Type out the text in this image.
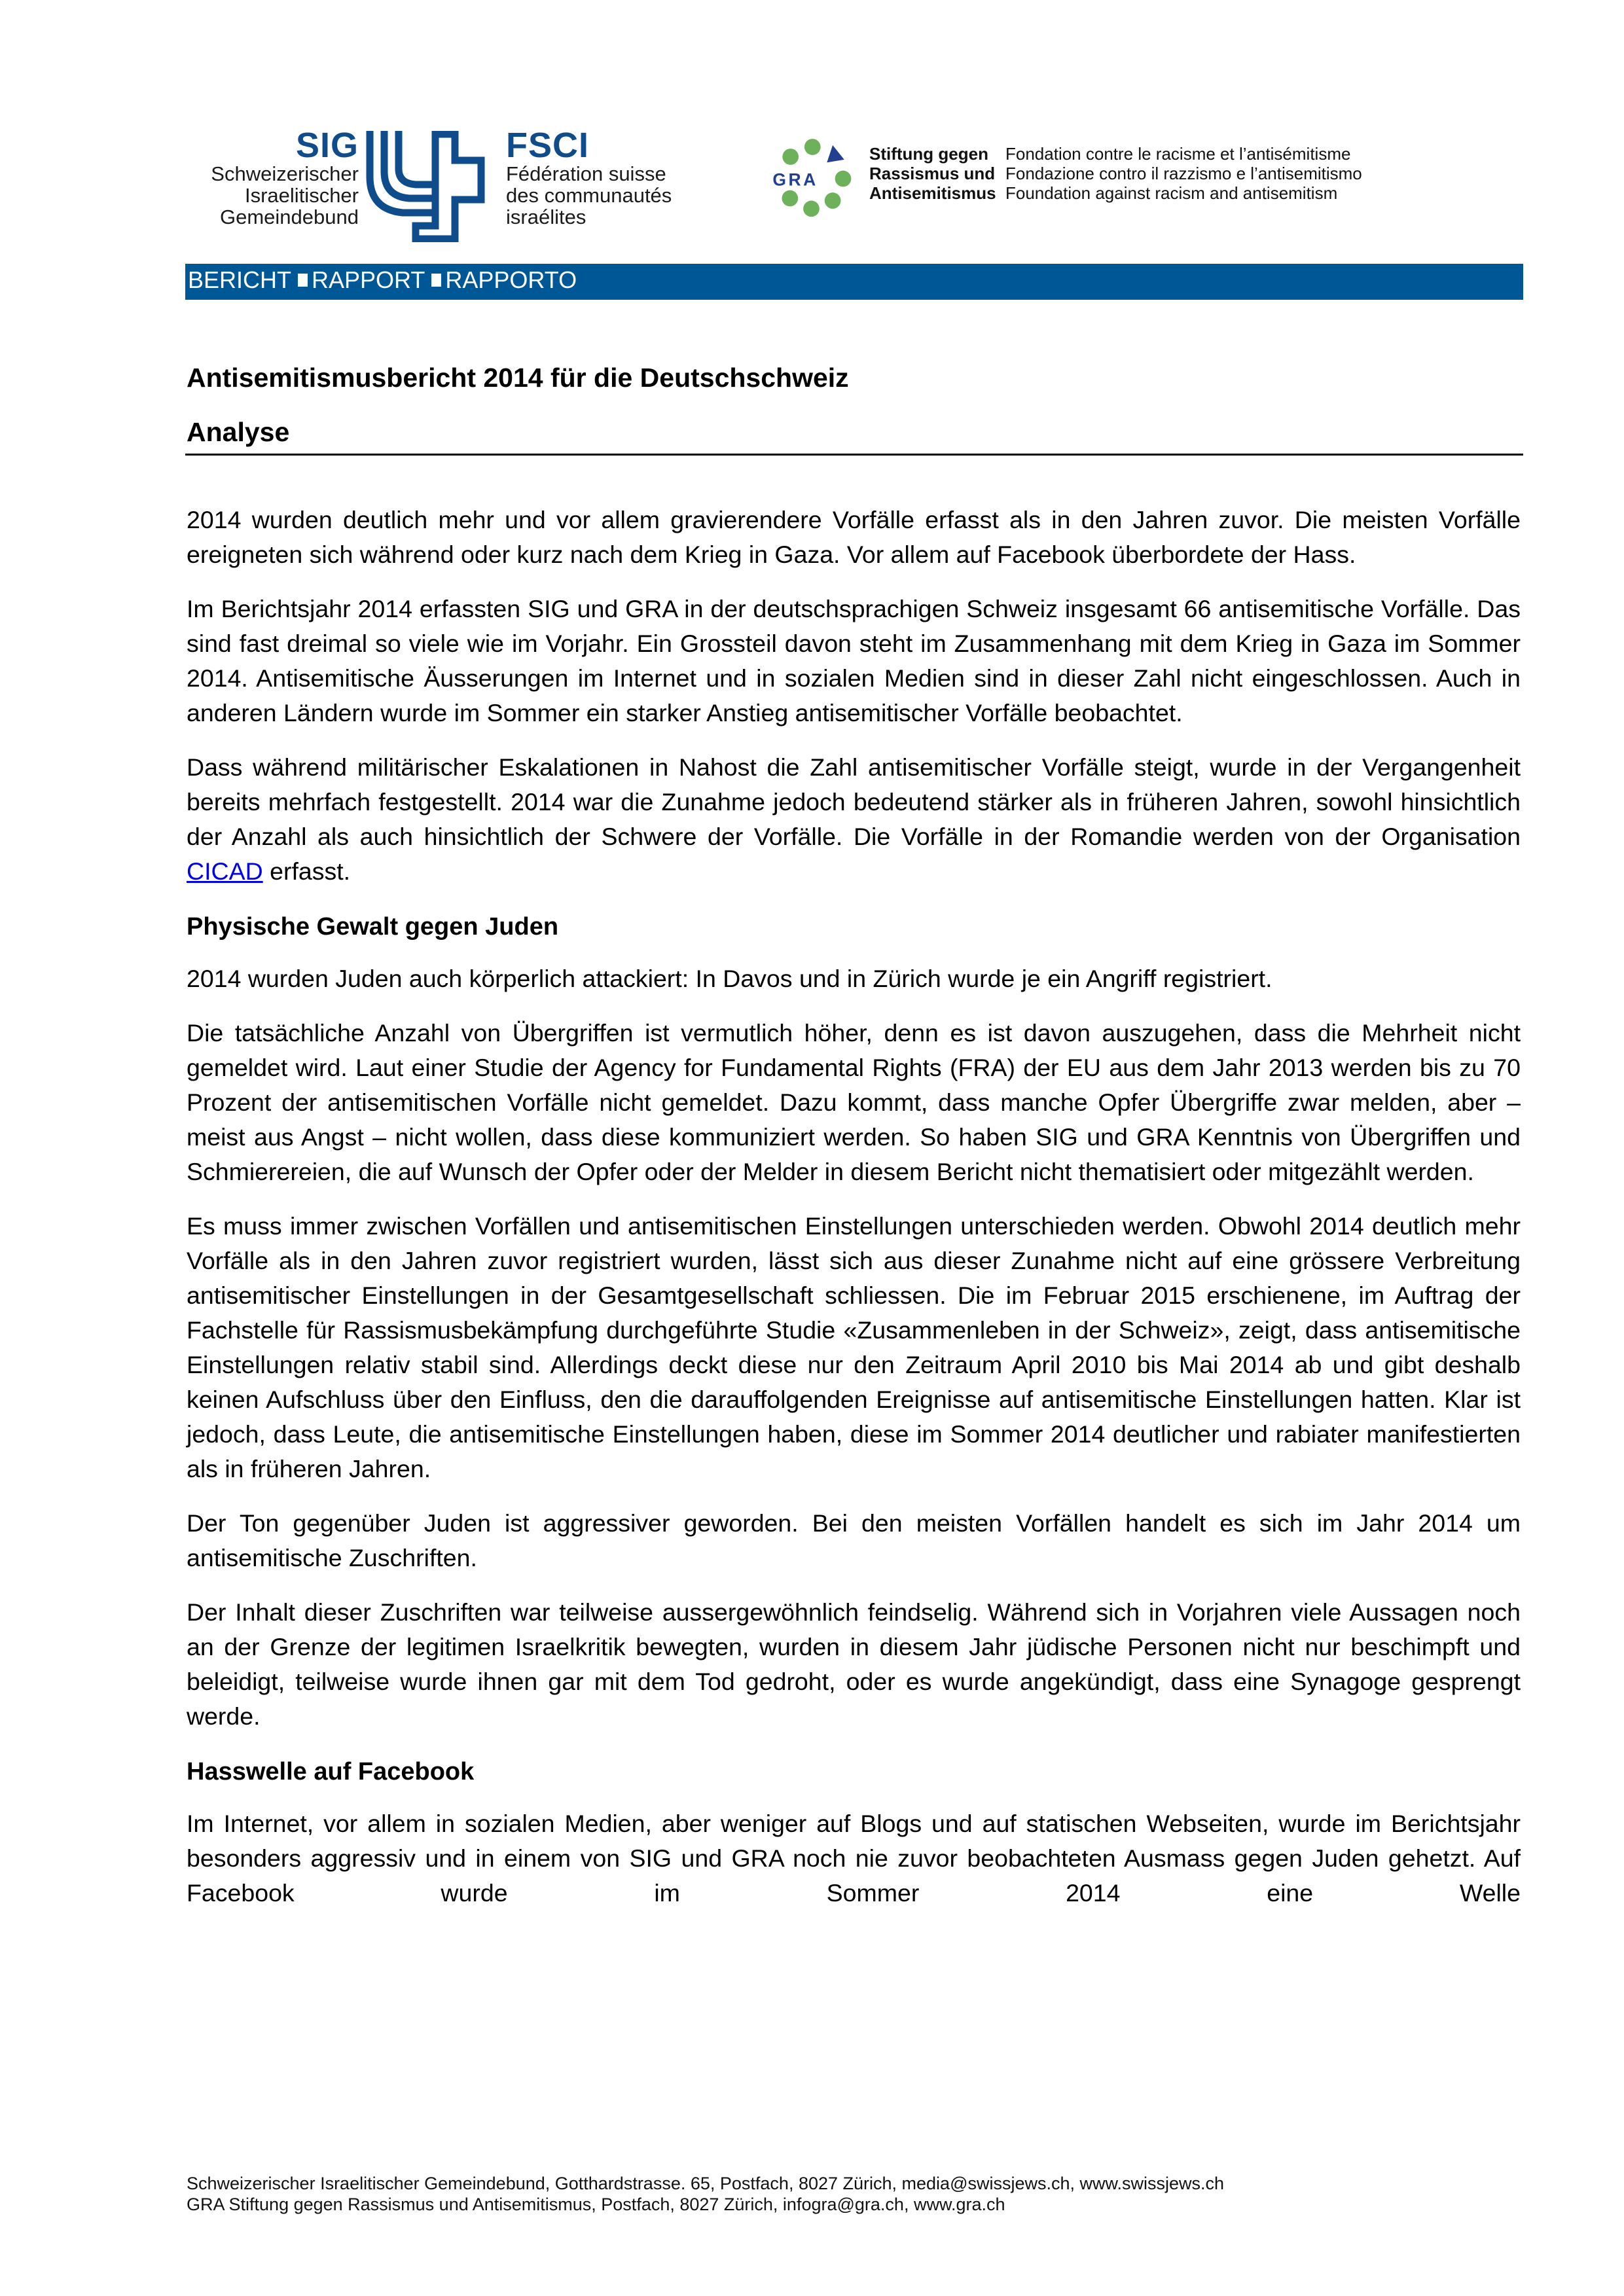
SIG
Schweizerischer
Israelitischer
Gemeindebund
FSCI
Fédération suisse
des communautés
israélites
GRA
Stiftung gegen
Rassismus und
Antisemitismus
Fondation contre le racisme et l’antisémitisme
Fondazione contro il razzismo e l’antisemitismo
Foundation against racism and antisemitism
BERICHT RAPPORT RAPPORTO
Antisemitismusbericht 2014 für die Deutschschweiz
Analyse

2014 wurden deutlich mehr und vor allem gravierendere Vorfälle erfasst als in den Jahren zuvor. Die meisten Vorfälle ereigneten sich während oder kurz nach dem Krieg in Gaza. Vor allem auf Facebook überbordete der Hass.

Im Berichtsjahr 2014 erfassten SIG und GRA in der deutschsprachigen Schweiz insgesamt 66 antisemitische Vorfälle. Das sind fast dreimal so viele wie im Vorjahr. Ein Grossteil davon steht im Zusammenhang mit dem Krieg in Gaza im Sommer 2014. Antisemitische Äusserungen im Internet und in sozialen Medien sind in dieser Zahl nicht eingeschlossen. Auch in anderen Ländern wurde im Sommer ein starker Anstieg antisemitischer Vorfälle beobachtet.

Dass während militärischer Eskalationen in Nahost die Zahl antisemitischer Vorfälle steigt, wurde in der Vergangenheit bereits mehrfach festgestellt. 2014 war die Zunahme jedoch bedeutend stärker als in früheren Jahren, sowohl hinsichtlich der Anzahl als auch hinsichtlich der Schwere der Vorfälle. Die Vorfälle in der Romandie werden von der Organisation CICAD erfasst.

Physische Gewalt gegen Juden

2014 wurden Juden auch körperlich attackiert: In Davos und in Zürich wurde je ein Angriff registriert.

Die tatsächliche Anzahl von Übergriffen ist vermutlich höher, denn es ist davon auszugehen, dass die Mehrheit nicht gemeldet wird. Laut einer Studie der Agency for Fundamental Rights (FRA) der EU aus dem Jahr 2013 werden bis zu 70 Prozent der antisemitischen Vorfälle nicht gemeldet. Dazu kommt, dass manche Opfer Übergriffe zwar melden, aber – meist aus Angst – nicht wollen, dass diese kommuniziert werden. So haben SIG und GRA Kenntnis von Übergriffen und Schmierereien, die auf Wunsch der Opfer oder der Melder in diesem Bericht nicht thematisiert oder mitgezählt werden.

Es muss immer zwischen Vorfällen und antisemitischen Einstellungen unterschieden werden. Obwohl 2014 deutlich mehr Vorfälle als in den Jahren zuvor registriert wurden, lässt sich aus dieser Zunahme nicht auf eine grössere Verbreitung antisemitischer Einstellungen in der Gesamtgesellschaft schliessen. Die im Februar 2015 erschienene, im Auftrag der Fachstelle für Rassismusbekämpfung durchgeführte Studie «Zusammenleben in der Schweiz», zeigt, dass antisemitische Einstellungen relativ stabil sind. Allerdings deckt diese nur den Zeitraum April 2010 bis Mai 2014 ab und gibt deshalb keinen Aufschluss über den Einfluss, den die darauffolgenden Ereignisse auf antisemitische Einstellungen hatten. Klar ist jedoch, dass Leute, die antisemitische Einstellungen haben, diese im Sommer 2014 deutlicher und rabiater manifestierten als in früheren Jahren.

Der Ton gegenüber Juden ist aggressiver geworden. Bei den meisten Vorfällen handelt es sich im Jahr 2014 um antisemitische Zuschriften.

Der Inhalt dieser Zuschriften war teilweise aussergewöhnlich feindselig. Während sich in Vorjahren viele Aussagen noch an der Grenze der legitimen Israelkritik bewegten, wurden in diesem Jahr jüdische Personen nicht nur beschimpft und beleidigt, teilweise wurde ihnen gar mit dem Tod gedroht, oder es wurde angekündigt, dass eine Synagoge gesprengt werde.

Hasswelle auf Facebook

Im Internet, vor allem in sozialen Medien, aber weniger auf Blogs und auf statischen Webseiten, wurde im Berichtsjahr besonders aggressiv und in einem von SIG und GRA noch nie zuvor beobachteten Ausmass gegen Juden gehetzt. Auf Facebook wurde im Sommer 2014 eine Welle

Schweizerischer Israelitischer Gemeindebund, Gotthardstrasse. 65, Postfach, 8027 Zürich, media@swissjews.ch, www.swissjews.ch
GRA Stiftung gegen Rassismus und Antisemitismus, Postfach, 8027 Zürich, infogra@gra.ch, www.gra.ch
